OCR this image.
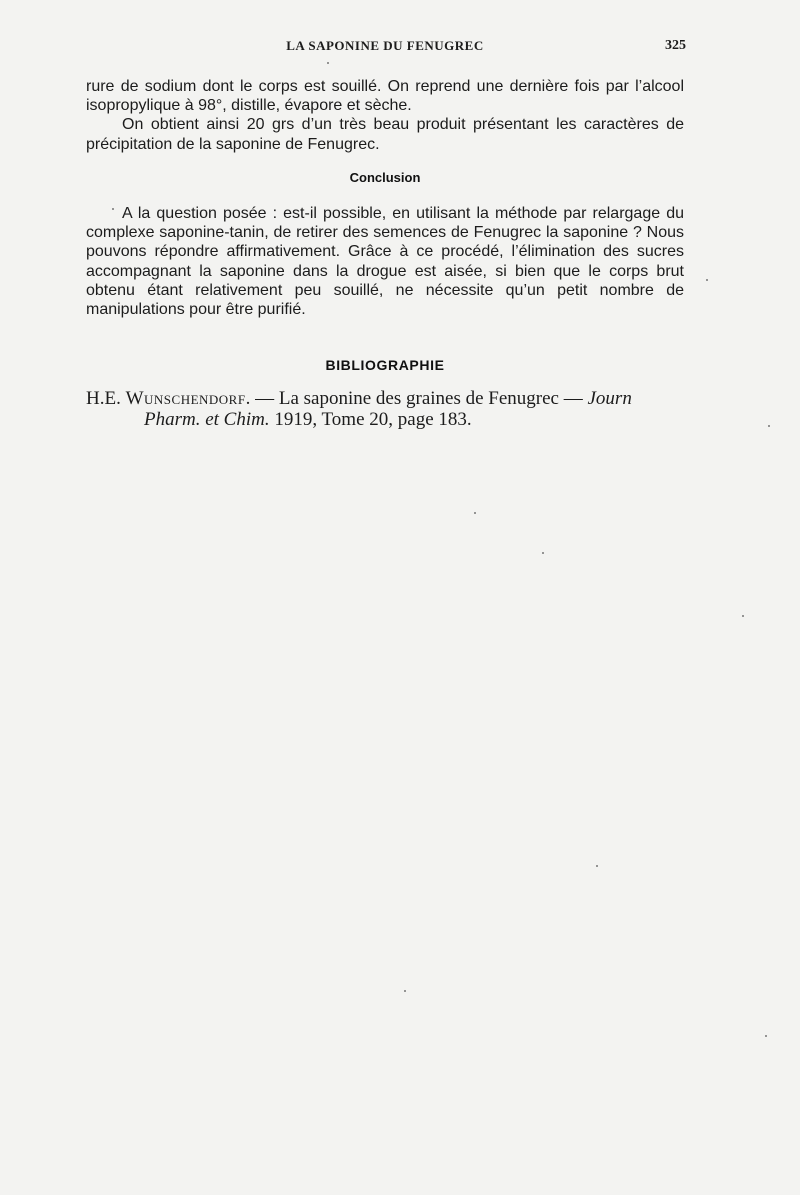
LA SAPONINE DU FENUGREC	325

rure de sodium dont le corps est souillé. On reprend une dernière fois par l’alcool isopropylique à 98°, distille, évapore et sèche.

On obtient ainsi 20 grs d’un très beau produit présentant les caractères de précipitation de la saponine de Fenugrec.

Conclusion

A la question posée : est-il possible, en utilisant la méthode par relargage du complexe saponine-tanin, de retirer des semences de Fenugrec la saponine ? Nous pouvons répondre affirmativement. Grâce à ce procédé, l’élimination des sucres accompagnant la saponine dans la drogue est aisée, si bien que le corps brut obtenu étant relativement peu souillé, ne nécessite qu’un petit nombre de manipulations pour être purifié.

BIBLIOGRAPHIE

H.E. Wunschendorf. — La saponine des graines de Fenugrec — Journ Pharm. et Chim. 1919, Tome 20, page 183.
